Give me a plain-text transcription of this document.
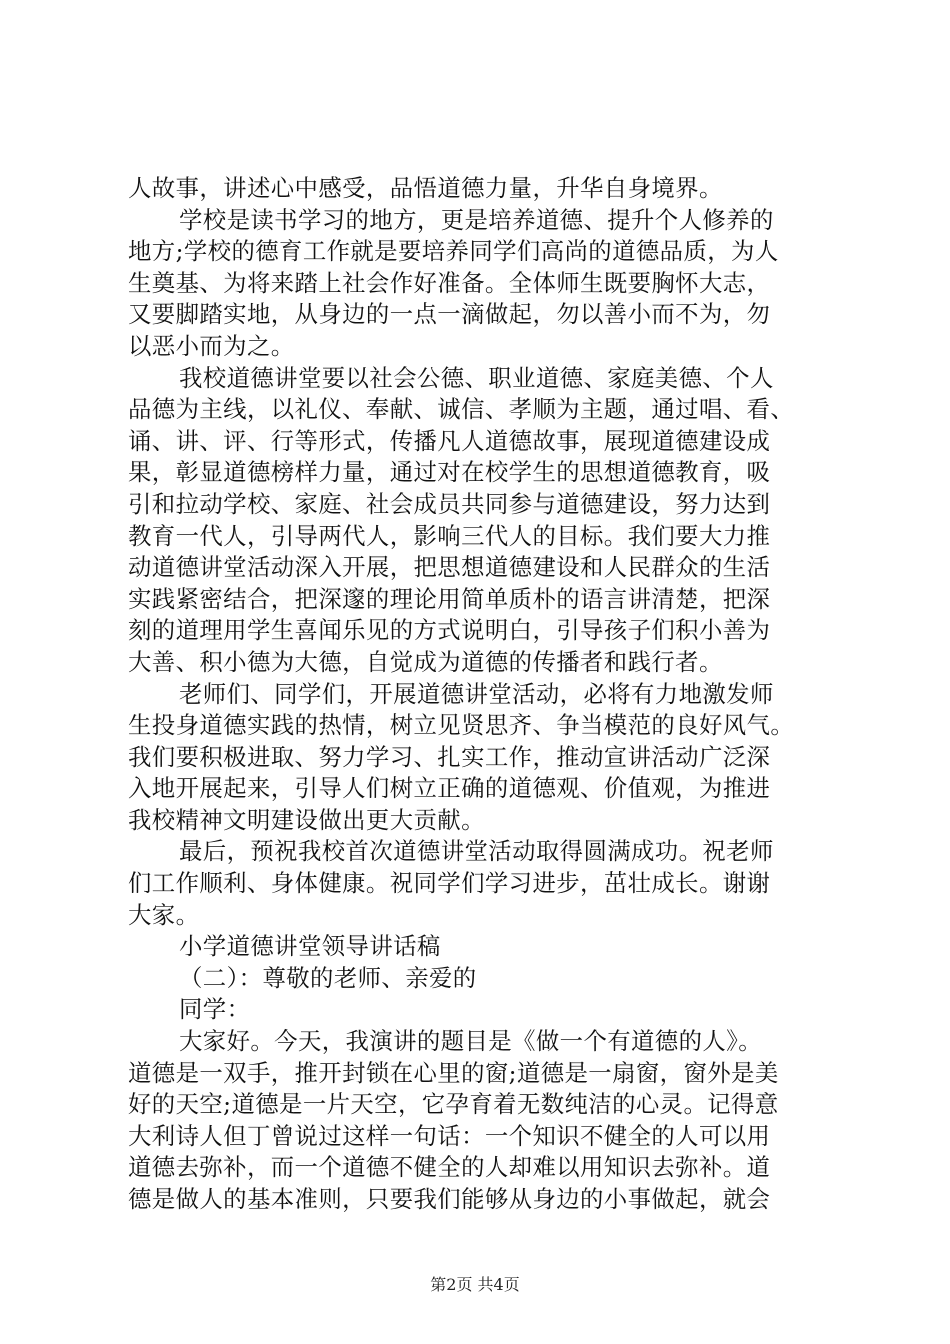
人故事，讲述心中感受，品悟道德力量，升华自身境界。
学校是读书学习的地方，更是培养道德、提升个人修养的
地方;学校的德育工作就是要培养同学们高尚的道德品质，为人
生奠基、为将来踏上社会作好准备。全体师生既要胸怀大志，
又要脚踏实地，从身边的一点一滴做起，勿以善小而不为，勿
以恶小而为之。
我校道德讲堂要以社会公德、职业道德、家庭美德、个人
品德为主线，以礼仪、奉献、诚信、孝顺为主题，通过唱、看、
诵、讲、评、行等形式，传播凡人道德故事，展现道德建设成
果，彰显道德榜样力量，通过对在校学生的思想道德教育，吸
引和拉动学校、家庭、社会成员共同参与道德建设，努力达到
教育一代人，引导两代人，影响三代人的目标。我们要大力推
动道德讲堂活动深入开展，把思想道德建设和人民群众的生活
实践紧密结合，把深邃的理论用简单质朴的语言讲清楚，把深
刻的道理用学生喜闻乐见的方式说明白，引导孩子们积小善为
大善、积小德为大德，自觉成为道德的传播者和践行者。
老师们、同学们，开展道德讲堂活动，必将有力地激发师
生投身道德实践的热情，树立见贤思齐、争当模范的良好风气。
我们要积极进取、努力学习、扎实工作，推动宣讲活动广泛深
入地开展起来，引导人们树立正确的道德观、价值观，为推进
我校精神文明建设做出更大贡献。
最后，预祝我校首次道德讲堂活动取得圆满成功。祝老师
们工作顺利、身体健康。祝同学们学习进步，茁壮成长。谢谢
大家。
小学道德讲堂领导讲话稿
（二）：尊敬的老师、亲爱的
同学：
大家好。今天，我演讲的题目是《做一个有道德的人》。
道德是一双手，推开封锁在心里的窗;道德是一扇窗，窗外是美
好的天空;道德是一片天空，它孕育着无数纯洁的心灵。记得意
大利诗人但丁曾说过这样一句话：一个知识不健全的人可以用
道德去弥补，而一个道德不健全的人却难以用知识去弥补。道
德是做人的基本准则，只要我们能够从身边的小事做起，就会
第2页 共4页
